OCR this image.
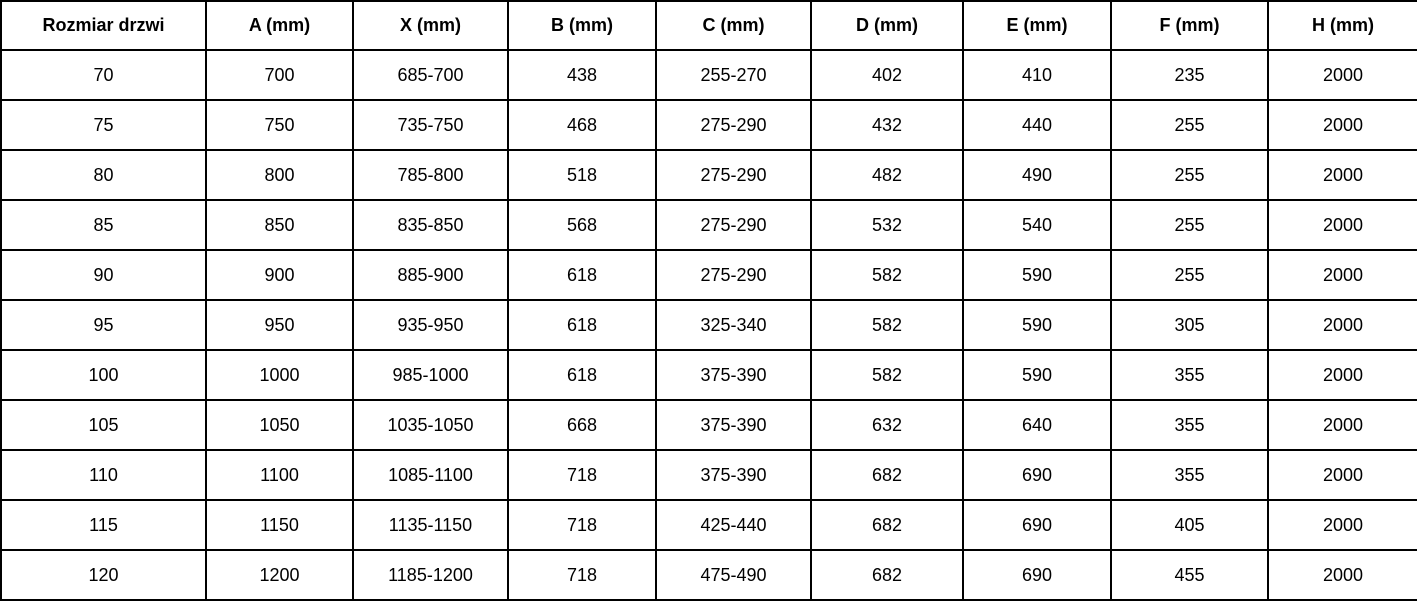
Rozmiar drzwi	A (mm)	X (mm)	B (mm)	C (mm)	D (mm)	E (mm)	F (mm)	H (mm)
70	700	685-700	438	255-270	402	410	235	2000
75	750	735-750	468	275-290	432	440	255	2000
80	800	785-800	518	275-290	482	490	255	2000
85	850	835-850	568	275-290	532	540	255	2000
90	900	885-900	618	275-290	582	590	255	2000
95	950	935-950	618	325-340	582	590	305	2000
100	1000	985-1000	618	375-390	582	590	355	2000
105	1050	1035-1050	668	375-390	632	640	355	2000
110	1100	1085-1100	718	375-390	682	690	355	2000
115	1150	1135-1150	718	425-440	682	690	405	2000
120	1200	1185-1200	718	475-490	682	690	455	2000
